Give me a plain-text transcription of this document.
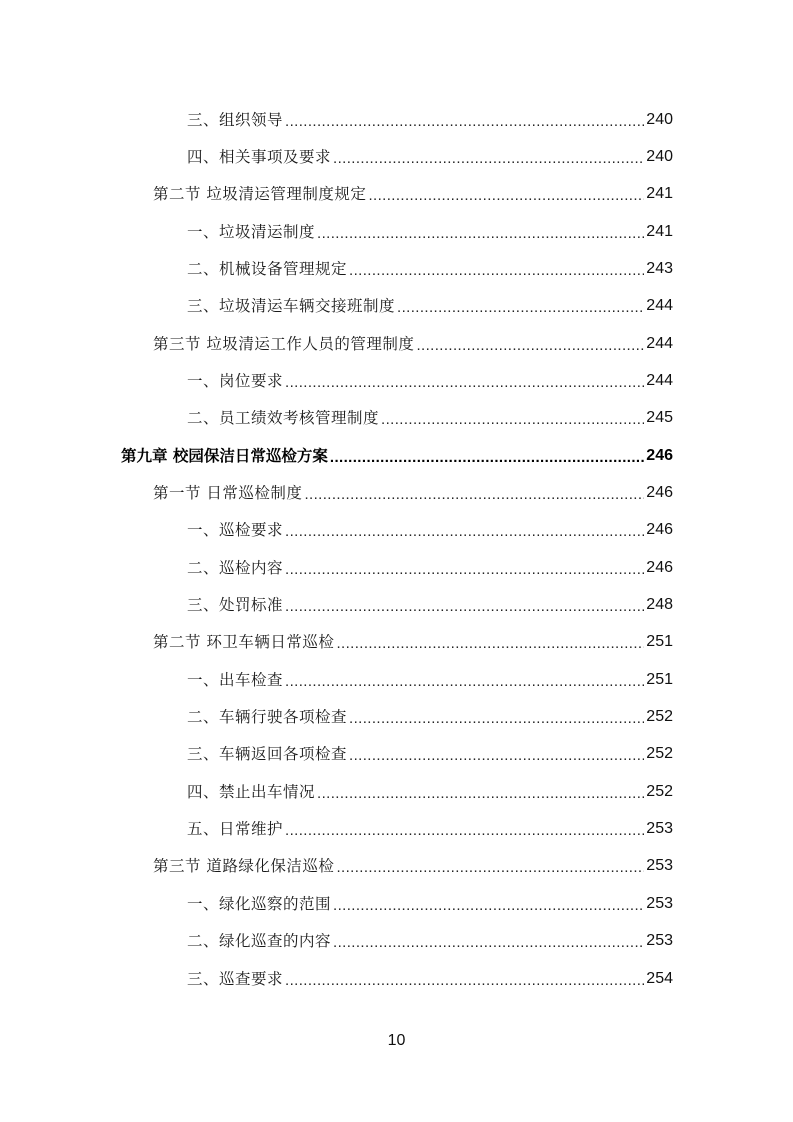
三、组织领导 .....	240
四、相关事项及要求 .....	240
第二节 垃圾清运管理制度规定 .....	241
一、垃圾清运制度 .....	241
二、机械设备管理规定 .....	243
三、垃圾清运车辆交接班制度 .....	244
第三节 垃圾清运工作人员的管理制度 .....	244
一、岗位要求 .....	244
二、员工绩效考核管理制度 .....	245
第九章 校园保洁日常巡检方案 .....	246
第一节 日常巡检制度 .....	246
一、巡检要求 .....	246
二、巡检内容 .....	246
三、处罚标准 .....	248
第二节 环卫车辆日常巡检 .....	251
一、出车检查 .....	251
二、车辆行驶各项检查 .....	252
三、车辆返回各项检查 .....	252
四、禁止出车情况 .....	252
五、日常维护 .....	253
第三节 道路绿化保洁巡检 .....	253
一、绿化巡察的范围 .....	253
二、绿化巡查的内容 .....	253
三、巡查要求 .....	254
10
